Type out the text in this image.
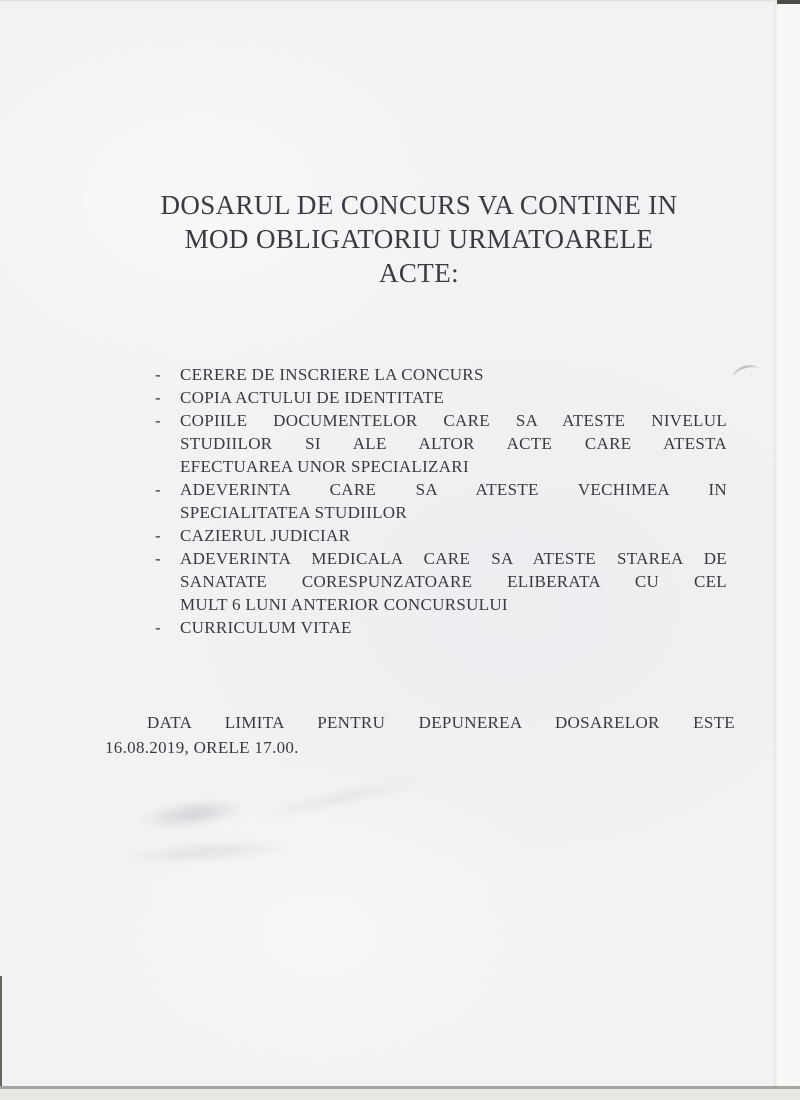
DOSARUL DE CONCURS VA CONTINE IN
MOD OBLIGATORIU URMATOARELE
ACTE:
-	CERERE DE INSCRIERE LA CONCURS
-	COPIA ACTULUI DE IDENTITATE
-	COPIILE DOCUMENTELOR CARE SA ATESTE NIVELUL
STUDIILOR SI ALE ALTOR ACTE CARE ATESTA
EFECTUAREA UNOR SPECIALIZARI
-	ADEVERINTA CARE SA ATESTE VECHIMEA IN
SPECIALITATEA STUDIILOR
-	CAZIERUL JUDICIAR
-	ADEVERINTA MEDICALA CARE SA ATESTE STAREA DE
SANATATE CORESPUNZATOARE ELIBERATA CU CEL
MULT 6 LUNI ANTERIOR CONCURSULUI
-	CURRICULUM VITAE
DATA LIMITA PENTRU DEPUNEREA DOSARELOR ESTE
16.08.2019, ORELE 17.00.
